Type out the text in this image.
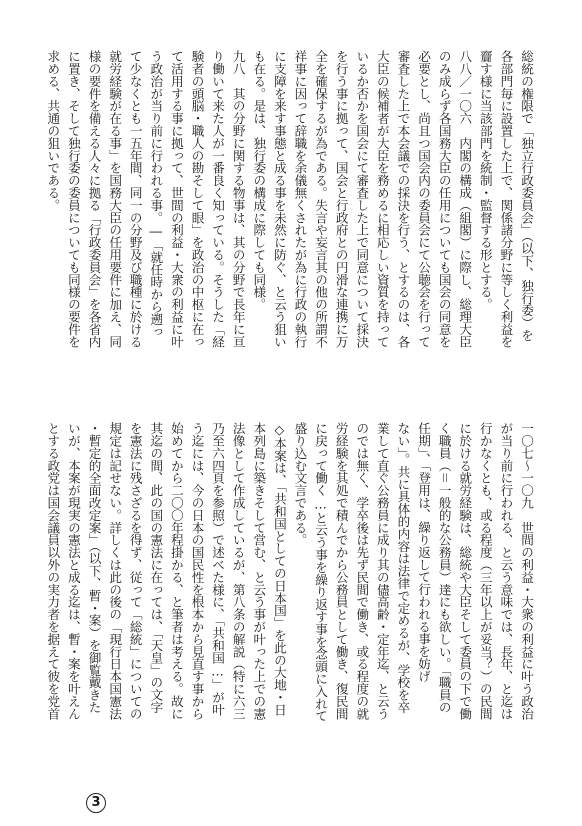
総統の権限で「独立行政委員会」（以下、独行委）を
各部門毎に設置した上で、関係諸分野に等しく利益を
齎す様に当該部門を統制・監督する形とする。
八八／一〇六　内閣の構成（組閣）に際し、総理大臣
のみ成らず各国務大臣の任用についても国会の同意を
必要とし、尚且つ国会内の委員会にて公聴会を行って
審査した上で本会議での採決を行う、とするのは、各
大臣の候補者が大臣を務めるに相応しい資質を持って
いるか否かを国会にて審査した上で同意について採決
を行う事に拠って、国会と行政府との円滑な連携に万
全を確保するが為である。失言や妄言其の他の所謂不
祥事に因って辞職を余儀無くされたが為に行政の執行
に支障を来す事態と成る事を未然に防ぐ、と云う狙い
も在る。是は、独行委の構成に際しても同様。
九八　其の分野に関する物事は、其の分野で長年に亘
り働いて来た人が一番良く知っている。そうした「経
験者の頭脳・職人の勘そして眼」を政治の中枢に在っ
て活用する事に拠って、世間の利益・大衆の利益に叶
う政治が当り前に行われる事。―「就任時から遡っ
て少なくとも一五年間、同一の分野及び職種に於ける
就労経験が在る事」を国務大臣の任用要件に加え、同
様の要件を備える人々に拠る「行政委員会」を各省内
に置き、そして独行委の委員についても同様の要件を
求める、共通の狙いである。
一〇七～一〇九　世間の利益・大衆の利益に叶う政治
が当り前に行われる、と云う意味では、長年、と迄は
行かなくとも、或る程度（三年以上が妥当？）の民間
に於ける就労経験は、総統や大臣そして委員の下で働
く職員（＝一般的な公務員）達にも欲しい。「職員の
任期」、「登用は、繰り返して行われる事を妨げ
ない」。共に具体的内容は法律で定めるが、学校を卒
業して直ぐ公務員に成り其の儘高齢・定年迄、と云う
のでは無く、学卒後は先ず民間で働き、或る程度の就
労経験を其処で積んでから公務員として働き、復民間
に戻って働く…と云う事を繰り返す事を念頭に入れて
盛り込む文言である。
◇本案は、「共和国としての日本国」を此の大地・日
本列島に築きそして営む、と云う事が叶った上での憲
法像として作成しているが、第八条の解説（特に六三
乃至六四頁を参照）で述べた様に、「共和国…」が叶
う迄には、今の日本の国民性を根本から見直す事から
始めてから二〇〇年程掛かる、と筆者は考える。故に
其迄の間、此の国の憲法に在っては、「天皇」の文字
を憲法に残さざるを得ず、従って「総統」についての
規定は記せない。詳しくは此の後の「現行日本国憲法
・暫定的全面改定案」（以下、暫・案）を御覧戴きた
いが、本案が現実の憲法と成る迄は、暫・案を叶えん
とする政党は国会議員以外の実力者を据えて彼を党首
3
